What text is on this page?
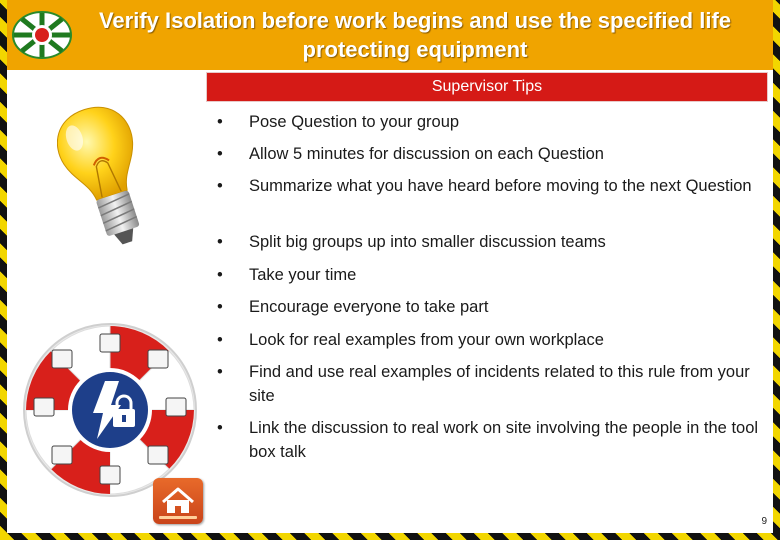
Verify Isolation before work begins and use the specified life protecting equipment
Supervisor Tips
• Pose Question to your group
• Allow 5 minutes for discussion on each Question
• Summarize what you have heard before moving to the next Question
• Split big groups up into smaller discussion teams
• Take your time
• Encourage everyone to take part
• Look for real examples from your own workplace
• Find and use real examples of incidents related to this rule from your site
• Link the discussion to real work on site involving the people in the tool box talk
9
